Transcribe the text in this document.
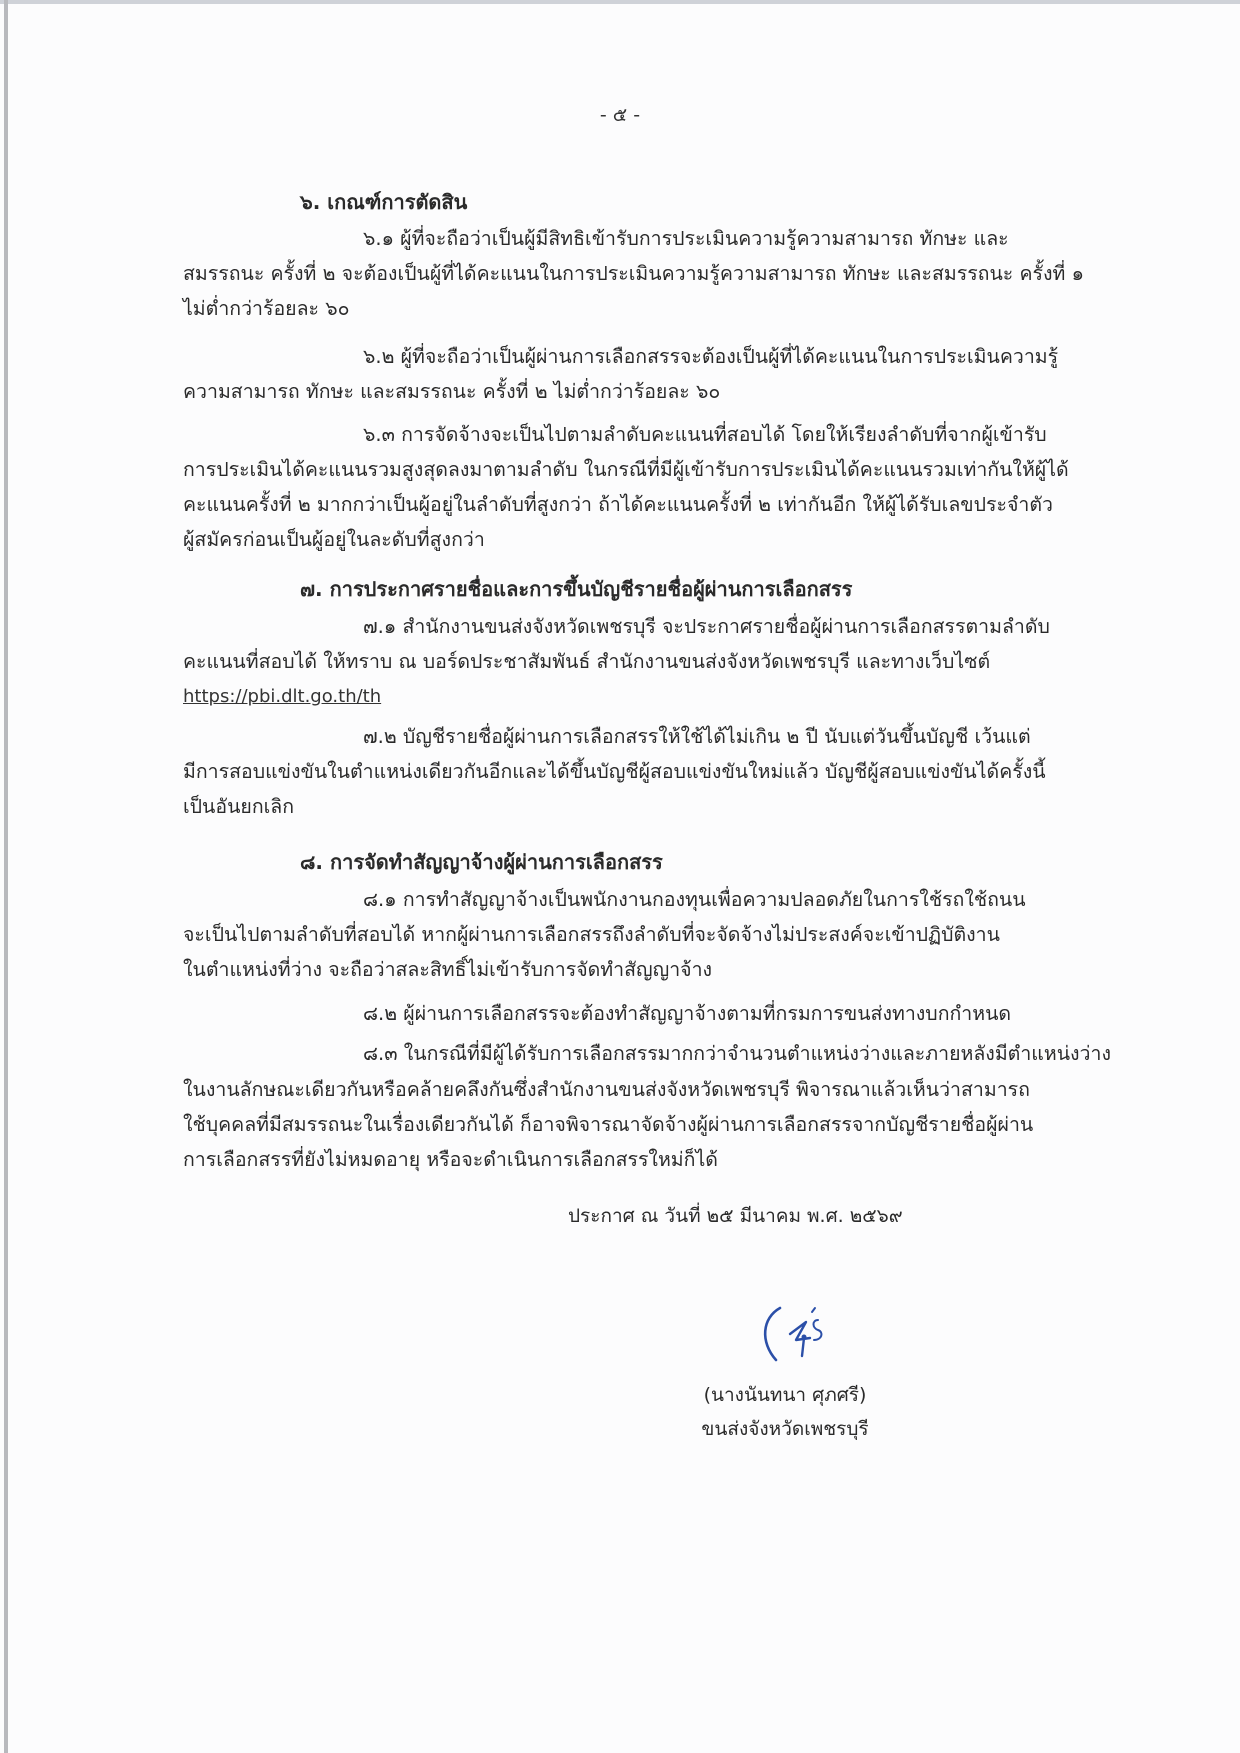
- ๕ -
๖. เกณฑ์การตัดสิน
๖.๑ ผู้ที่จะถือว่าเป็นผู้มีสิทธิเข้ารับการประเมินความรู้ความสามารถ ทักษะ และ
สมรรถนะ ครั้งที่ ๒ จะต้องเป็นผู้ที่ได้คะแนนในการประเมินความรู้ความสามารถ ทักษะ และสมรรถนะ ครั้งที่ ๑
ไม่ต่ำกว่าร้อยละ ๖๐
๖.๒ ผู้ที่จะถือว่าเป็นผู้ผ่านการเลือกสรรจะต้องเป็นผู้ที่ได้คะแนนในการประเมินความรู้
ความสามารถ ทักษะ และสมรรถนะ ครั้งที่ ๒ ไม่ต่ำกว่าร้อยละ ๖๐
๖.๓ การจัดจ้างจะเป็นไปตามลำดับคะแนนที่สอบได้ โดยให้เรียงลำดับที่จากผู้เข้ารับ
การประเมินได้คะแนนรวมสูงสุดลงมาตามลำดับ ในกรณีที่มีผู้เข้ารับการประเมินได้คะแนนรวมเท่ากันให้ผู้ได้
คะแนนครั้งที่ ๒ มากกว่าเป็นผู้อยู่ในลำดับที่สูงกว่า ถ้าได้คะแนนครั้งที่ ๒ เท่ากันอีก ให้ผู้ได้รับเลขประจำตัว
ผู้สมัครก่อนเป็นผู้อยู่ในละดับที่สูงกว่า
๗. การประกาศรายชื่อและการขึ้นบัญชีรายชื่อผู้ผ่านการเลือกสรร
๗.๑ สำนักงานขนส่งจังหวัดเพชรบุรี จะประกาศรายชื่อผู้ผ่านการเลือกสรรตามลำดับ
คะแนนที่สอบได้ ให้ทราบ ณ บอร์ดประชาสัมพันธ์ สำนักงานขนส่งจังหวัดเพชรบุรี และทางเว็บไซต์
https://pbi.dlt.go.th/th
๗.๒ บัญชีรายชื่อผู้ผ่านการเลือกสรรให้ใช้ได้ไม่เกิน ๒ ปี นับแต่วันขึ้นบัญชี เว้นแต่
มีการสอบแข่งขันในตำแหน่งเดียวกันอีกและได้ขึ้นบัญชีผู้สอบแข่งขันใหม่แล้ว บัญชีผู้สอบแข่งขันได้ครั้งนี้
เป็นอันยกเลิก
๘. การจัดทำสัญญาจ้างผู้ผ่านการเลือกสรร
๘.๑ การทำสัญญาจ้างเป็นพนักงานกองทุนเพื่อความปลอดภัยในการใช้รถใช้ถนน
จะเป็นไปตามลำดับที่สอบได้ หากผู้ผ่านการเลือกสรรถึงลำดับที่จะจัดจ้างไม่ประสงค์จะเข้าปฏิบัติงาน
ในตำแหน่งที่ว่าง จะถือว่าสละสิทธิ์ไม่เข้ารับการจัดทำสัญญาจ้าง
๘.๒ ผู้ผ่านการเลือกสรรจะต้องทำสัญญาจ้างตามที่กรมการขนส่งทางบกกำหนด
๘.๓ ในกรณีที่มีผู้ได้รับการเลือกสรรมากกว่าจำนวนตำแหน่งว่างและภายหลังมีตำแหน่งว่าง
ในงานลักษณะเดียวกันหรือคล้ายคลึงกันซึ่งสำนักงานขนส่งจังหวัดเพชรบุรี พิจารณาแล้วเห็นว่าสามารถ
ใช้บุคคลที่มีสมรรถนะในเรื่องเดียวกันได้ ก็อาจพิจารณาจัดจ้างผู้ผ่านการเลือกสรรจากบัญชีรายชื่อผู้ผ่าน
การเลือกสรรที่ยังไม่หมดอายุ หรือจะดำเนินการเลือกสรรใหม่ก็ได้
ประกาศ ณ วันที่ ๒๕ มีนาคม พ.ศ. ๒๕๖๙
(นางนันทนา ศุภศรี)
ขนส่งจังหวัดเพชรบุรี
